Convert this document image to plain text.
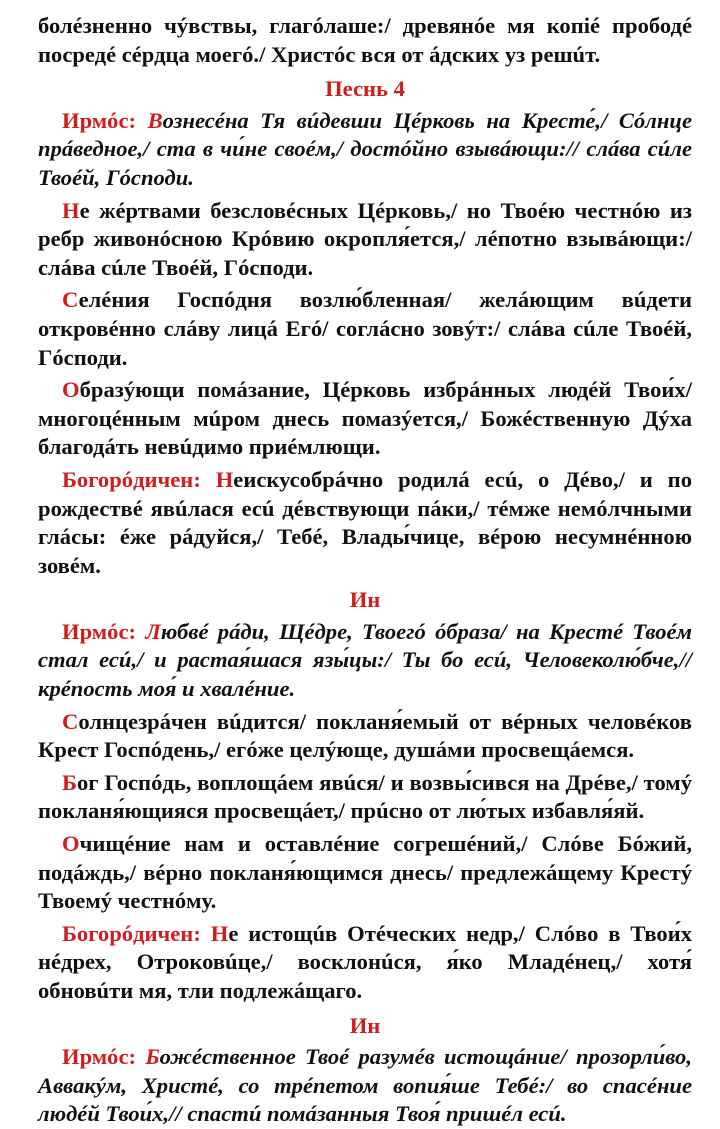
болéзненно чýвствы, глагóлаше:/ древянóе мя копié прободé посредé сéрдца моегó./ Христóс вся от áдских уз решúт.

Песнь 4

Ирмóс: Вознесéна Тя вúдевши Цéрковь на Кресте́,/ Сóлнце прáведное,/ ста в чи́не своéм,/ достóйно взывáющи:// слáва сúле Твоéй, Гóсподи.

Не жéртвами безсловéсных Цéрковь,/ но Твоéю честнóю из ребр живонóсною Крóвию окропля́ется,/ лéпотно взывáющи:/ слáва сúле Твоéй, Гóсподи.

Селéния Госпóдня возлю́бленная/ желáющим вúдети откровéнно слáву лицá Егó/ соглáсно зовýт:/ слáва сúле Твоéй, Гóсподи.

Образýющи помáзание, Цéрковь избрáнных людéй Твои́х/ многоцéнным мúром днесь помазýется,/ Божéственную Дýха благодáть невúдимо приéмлющи.

Богорóдичен: Неискусобрáчно родилá есú, о Дéво,/ и по рождествé явúлася есú дéвствующи пáки,/ тéмже немóлчными глáсы: éже рáдуйся,/ Тебé, Влады́чице, вéрою несумнéнною зовéм.

Ин

Ирмóс: Любвé рáди, Щéдре, Твоегó óбраза/ на Крестé Твоéм стал есú,/ и растая́шася язы́цы:/ Ты бо есú, Человеколю́бче,// крéпость моя́ и хвалéние.

Солнцезрáчен вúдится/ покланя́емый от вéрных человéков Крест Госпóдень,/ егóже целýюще, душáми просвещáемся.

Бог Госпóдь, воплощáем явúся/ и возвы́сився на Дрéве,/ томý покланя́ющияся просвещáет,/ прúсно от лю́тых избавля́яй.

Очищéние нам и оставлéние согрешéний,/ Слóве Бóжий, подáждь,/ вéрно покланя́ющимся днесь/ предлежáщему Крестý Твоемý честнóму.

Богорóдичен: Не истощúв Отéческих недр,/ Слóво в Твои́х нéдрех, Отроковúце,/ восклонúся, я́ко Младéнец,/ хотя́ обновúти мя, тли подлежáщаго.

Ин

Ирмóс: Божéственное Твоé разумéв истощáние/ прозорли́во, Аввакýм, Христé, со трéпетом вопия́ше Тебé:/ во спасéние людéй Твои́х,// спастú помáзанныя Твоя́ пришéл есú.
